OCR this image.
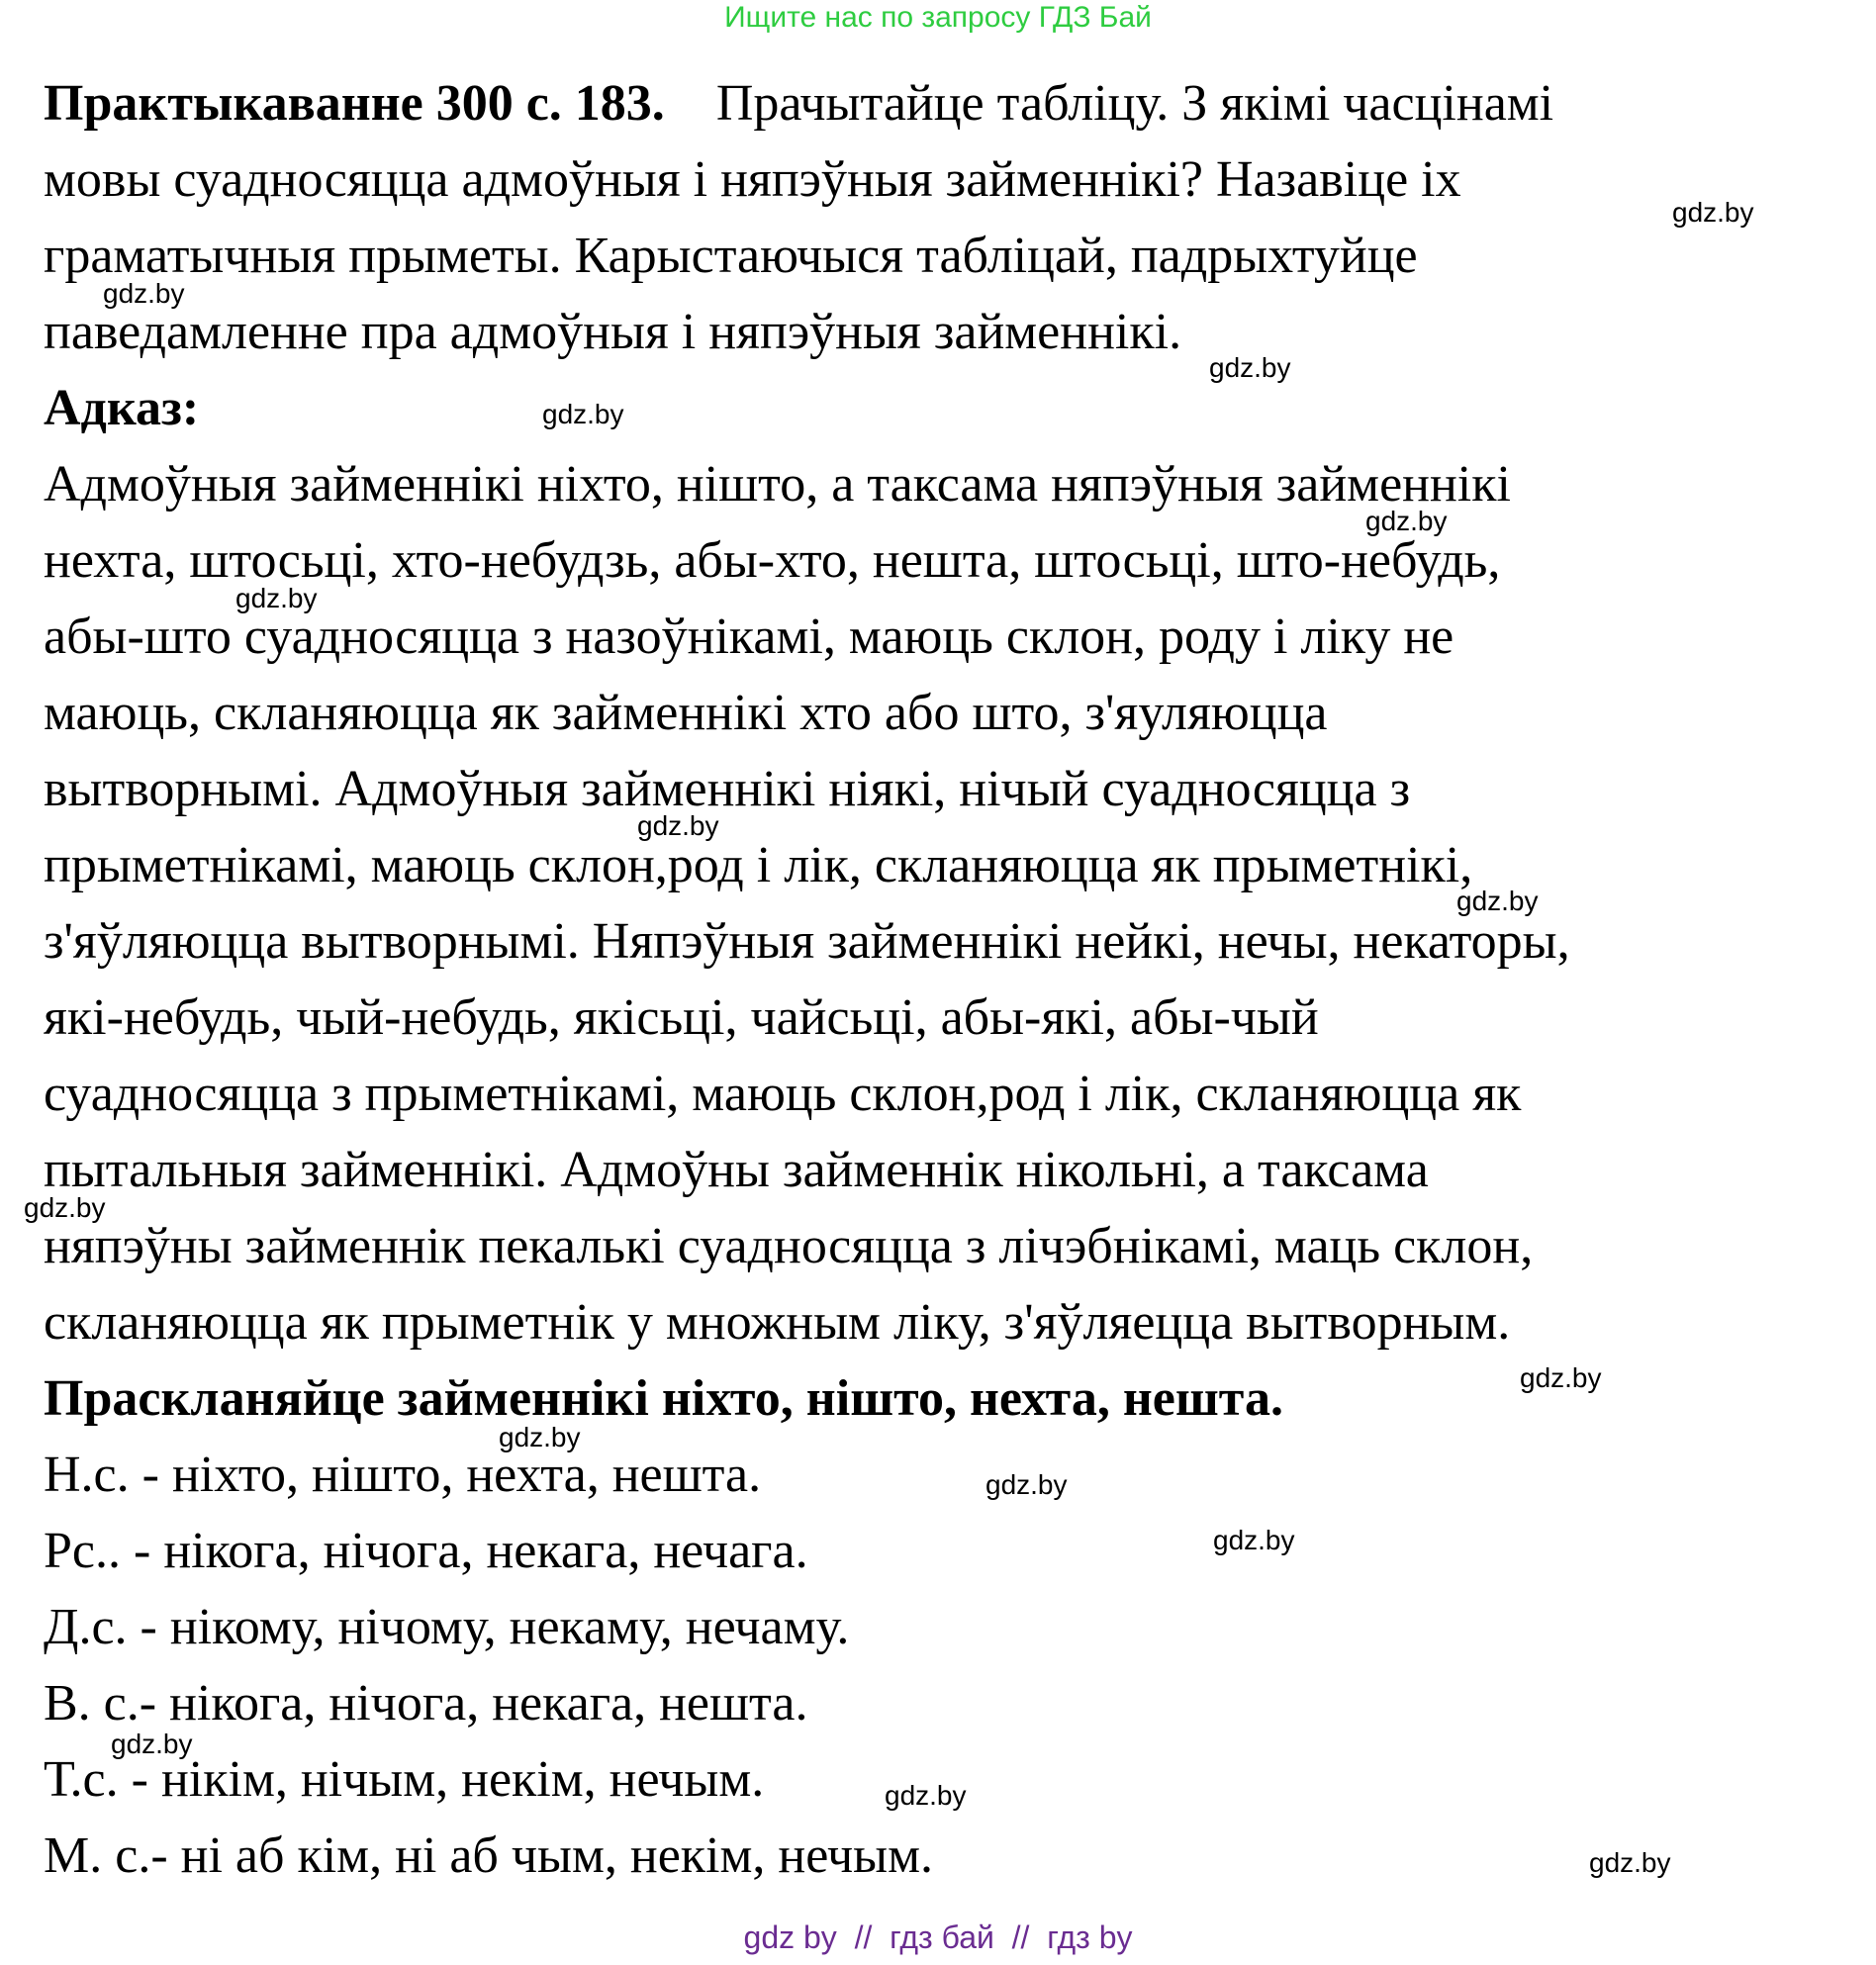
Ищите нас по запросу ГДЗ Бай
Практыкаванне 300 с. 183. Прачытайце табліцу. З якімі часцінамі
мовы суадносяцца адмоўныя і няпэўныя займеннікі? Назавіце іх
граматычныя прыметы. Карыстаючыся табліцай, падрыхтуйце
паведамленне пра адмоўныя і няпэўныя займеннікі.
Адказ:
Адмоўныя займеннікі ніхто, нішто, а таксама няпэўныя займеннікі
нехта, штосьці, хто-небудзь, абы-хто, нешта, штосьці, што-небудь,
абы-што суадносяцца з назоўнікамі, маюць склон, роду і ліку не
маюць, скланяюцца як займеннікі хто або што, з'яуляюцца
вытворнымі. Адмоўныя займеннікі ніякі, нічый суадносяцца з
прыметнікамі, маюць склон,род і лік, скланяюцца як прыметнікі,
з'яўляюцца вытворнымі. Няпэўныя займеннікі нейкі, нечы, некаторы,
які-небудь, чый-небудь, якісьці, чайсьці, абы-які, абы-чый
суадносяцца з прыметнікамі, маюць склон,род і лік, скланяюцца як
пытальныя займеннікі. Адмоўны займеннік нікольні, а таксама
няпэўны займеннік пекалькі суадносяцца з лічэбнікамі, маць склон,
скланяюцца як прыметнік у множным ліку, з'яўляецца вытворным.
Праскланяйце займеннікі ніхто, нішто, нехта, нешта.
Н.с. - ніхто, нішто, нехта, нешта.
Рс.. - нікога, нічога, некага, нечага.
Д.с. - нікому, нічому, некаму, нечаму.
В. с.- нікога, нічога, некага, нешта.
Т.с. - нікім, нічым, некім, нечым.
М. с.- ні аб кім, ні аб чым, некім, нечым.
gdz.by
gdz.by
gdz.by
gdz.by
gdz.by
gdz.by
gdz.by
gdz.by
gdz.by
gdz.by
gdz.by
gdz.by
gdz.by
gdz.by
gdz.by
gdz.by
gdz by  //  гдз бай  //  гдз by
